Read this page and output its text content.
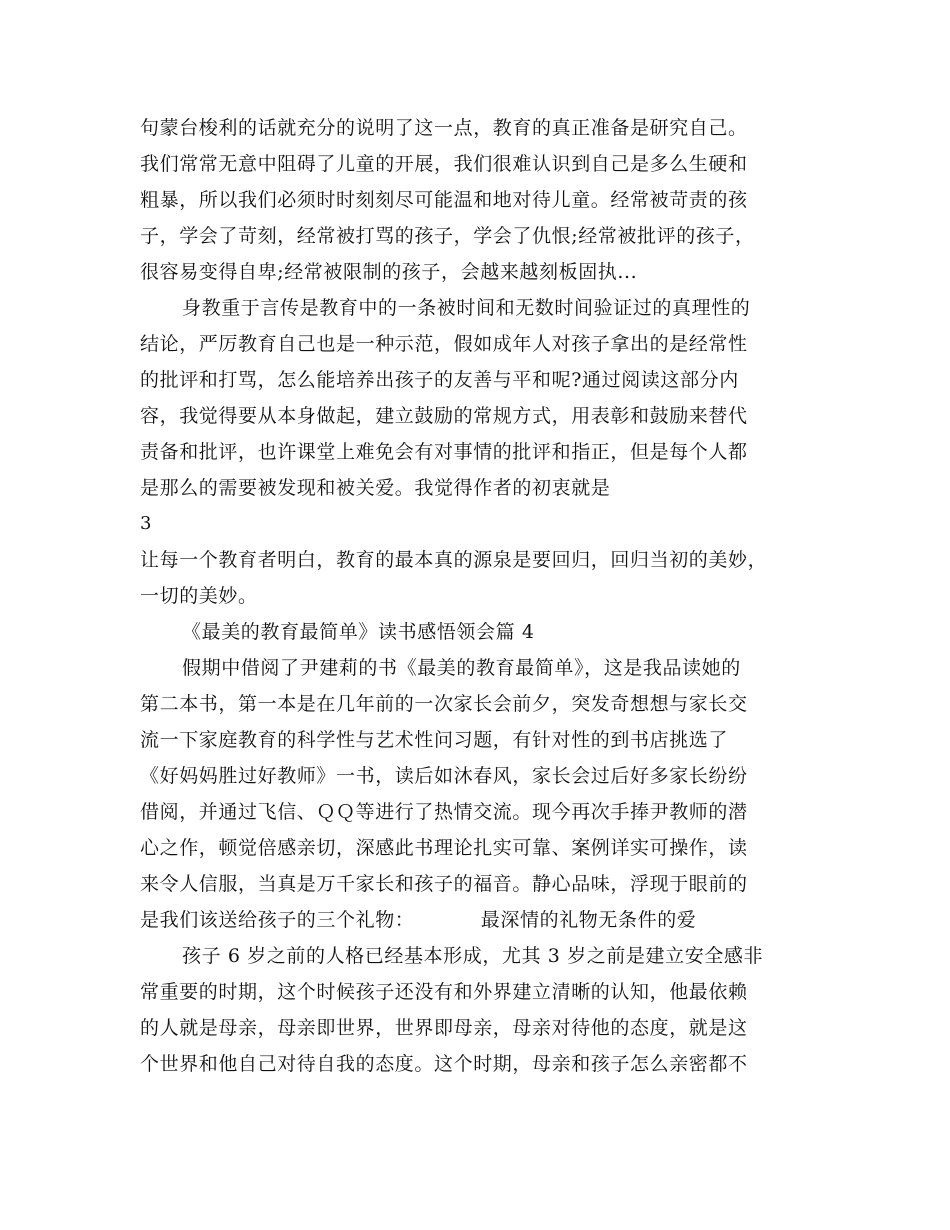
句蒙台梭利的话就充分的说明了这一点，教育的真正准备是研究自己。
我们常常无意中阻碍了儿童的开展，我们很难认识到自己是多么生硬和
粗暴，所以我们必须时时刻刻尽可能温和地对待儿童。经常被苛责的孩
子，学会了苛刻，经常被打骂的孩子，学会了仇恨;经常被批评的孩子，
很容易变得自卑;经常被限制的孩子，会越来越刻板固执...
身教重于言传是教育中的一条被时间和无数时间验证过的真理性的
结论，严厉教育自己也是一种示范，假如成年人对孩子拿出的是经常性
的批评和打骂，怎么能培养出孩子的友善与平和呢?通过阅读这部分内
容，我觉得要从本身做起，建立鼓励的常规方式，用表彰和鼓励来替代
责备和批评，也许课堂上难免会有对事情的批评和指正，但是每个人都
是那么的需要被发现和被关爱。我觉得作者的初衷就是
3
让每一个教育者明白，教育的最本真的源泉是要回归，回归当初的美妙，
一切的美妙。
《最美的教育最简单》读书感悟领会篇 4
假期中借阅了尹建莉的书《最美的教育最简单》，这是我品读她的
第二本书，第一本是在几年前的一次家长会前夕，突发奇想想与家长交
流一下家庭教育的科学性与艺术性问习题，有针对性的到书店挑选了
《好妈妈胜过好教师》一书，读后如沐春风，家长会过后好多家长纷纷
借阅，并通过飞信、ＱＱ等进行了热情交流。现今再次手捧尹教师的潜
心之作，顿觉倍感亲切，深感此书理论扎实可靠、案例详实可操作，读
来令人信服，当真是万千家长和孩子的福音。静心品味，浮现于眼前的
是我们该送给孩子的三个礼物：          最深情的礼物无条件的爱
孩子 6 岁之前的人格已经基本形成，尤其 3 岁之前是建立安全感非
常重要的时期，这个时候孩子还没有和外界建立清晰的认知，他最依赖
的人就是母亲，母亲即世界，世界即母亲，母亲对待他的态度，就是这
个世界和他自己对待自我的态度。这个时期，母亲和孩子怎么亲密都不
